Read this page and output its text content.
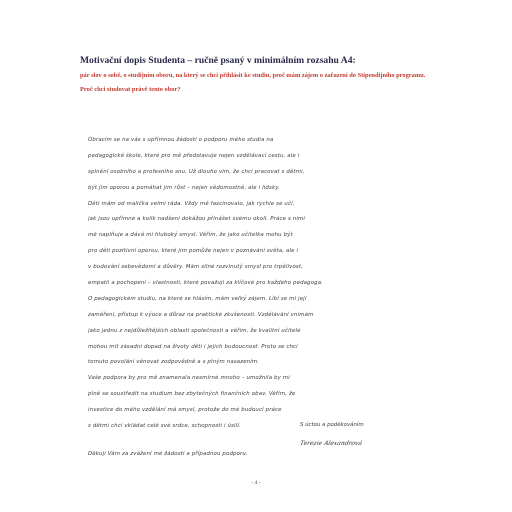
Motivační dopis Studenta – ručně psaný v minimálním rozsahu A4:

pár slov o sobě, o studijním oboru, na který se chci přihlásit ke studiu, proč mám zájem o zařazení do Stipendijního programu.

Proč chci studovat právě tento obor?

Obracím se na vás s upřímnou žádostí o podporu mého studia na
pedagogické škole, které pro mě představuje nejen vzdělávací cestu, ale i
splnění osobního a profesního snu. Už dlouho vím, že chci pracovat s dětmi,
být jim oporou a pomáhat jim růst – nejen vědomostně, ale i lidsky.
Děti mám od malička velmi ráda. Vždy mě fascinovalo, jak rychle se učí,
jak jsou upřímné a kolik nadšení dokážou přinášet svému okolí. Práce s nimi
mě naplňuje a dává mi hluboký smysl. Věřím, že jako učitelka mohu být
pro děti pozitivní oporou, které jim pomůže nejen v poznávání světa, ale i
v budování sebevědomí a důvěry. Mám silné rozvinutý smysl pro trpělivost,
empatii a pochopení – vlastnosti, které považuji za klíčové pro každého pedagoga.
O pedagogickém studiu, na které se hlásím, mám velký zájem. Líbí se mi její
zaměření, přístup k výuce a důraz na praktické zkušenosti. Vzdělávání vnímám
jako jednu z nejdůležitějších oblastí společnosti a věřím, že kvalitní učitelé
mohou mít zásadní dopad na životy dětí i jejich budoucnost. Proto se chci
tomuto povolání věnovat zodpovědně a s plným nasazením.
Vaše podpora by pro mě znamenala nesmírné mnoho – umožnila by mi
plně se soustředit na studium bez zbytečných finančních obav. Věřím, že
investice do mého vzdělání má smysl, protože do mé budoucí práce
s dětmi chci vkládat celé své srdce, schopnosti i úsilí.
Děkuji Vám za zvážení mé žádosti a případnou podporu.
S úctou a poděkováním
Terezie Alexandrová
- 4 -
